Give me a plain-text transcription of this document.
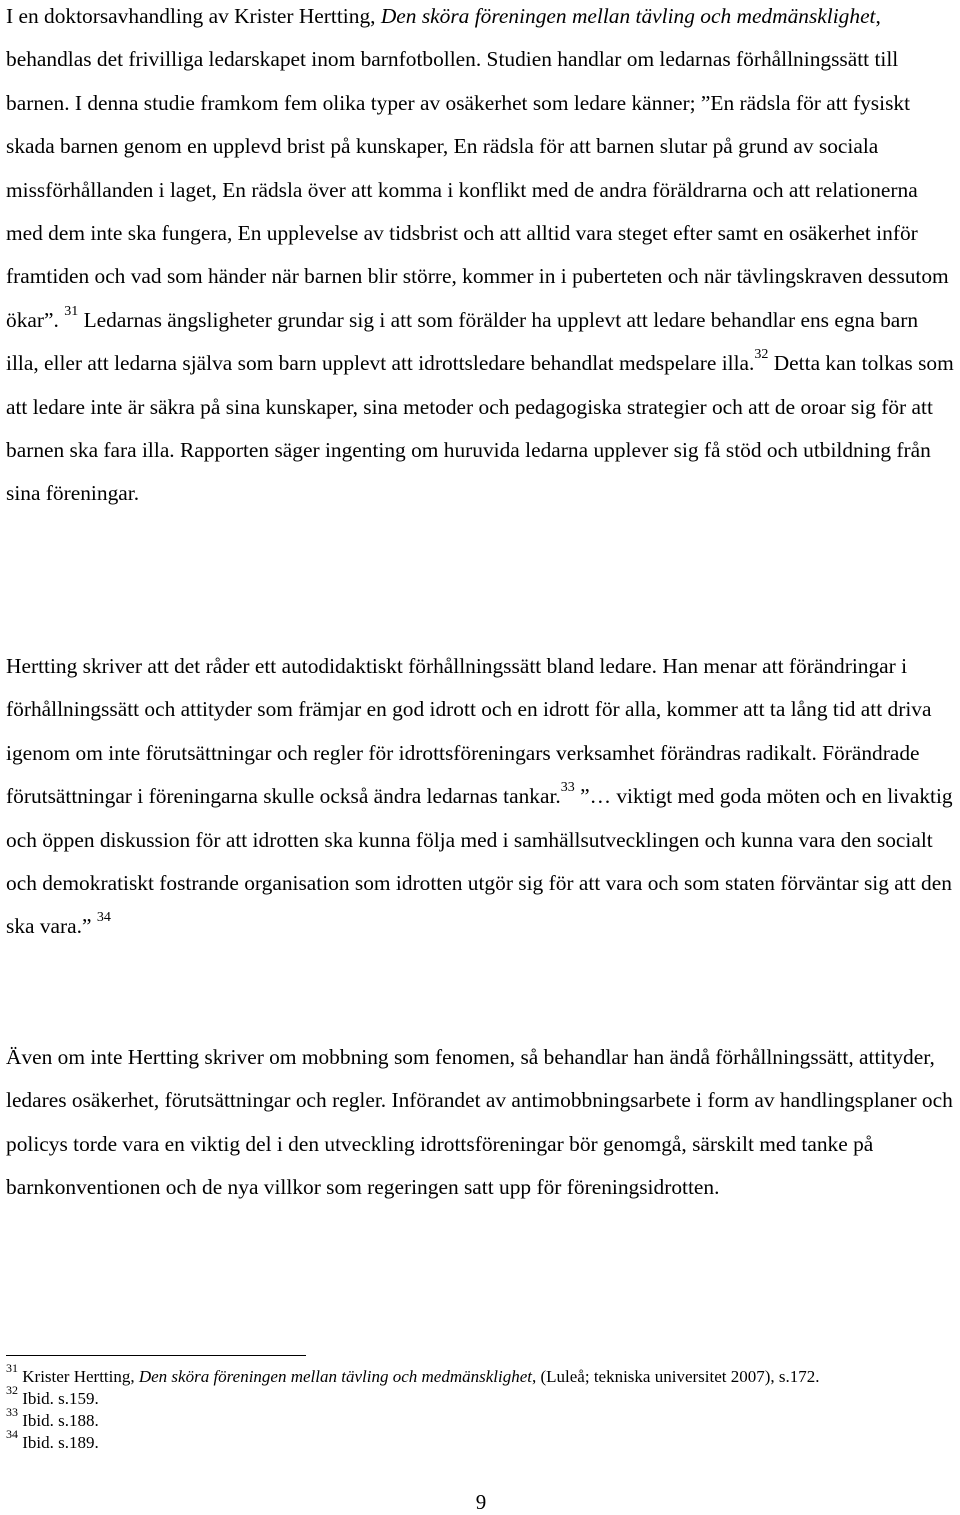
I en doktorsavhandling av Krister Hertting, Den sköra föreningen mellan tävling och medmänsklighet, behandlas det frivilliga ledarskapet inom barnfotbollen. Studien handlar om ledarnas förhållningssätt till barnen. I denna studie framkom fem olika typer av osäkerhet som ledare känner; ”En rädsla för att fysiskt skada barnen genom en upplevd brist på kunskaper, En rädsla för att barnen slutar på grund av sociala missförhållanden i laget, En rädsla över att komma i konflikt med de andra föräldrarna och att relationerna med dem inte ska fungera, En upplevelse av tidsbrist och att alltid vara steget efter samt en osäkerhet inför framtiden och vad som händer när barnen blir större, kommer in i puberteten och när tävlingskraven dessutom ökar”. $^{31}$ Ledarnas ängsligheter grundar sig i att som förälder ha upplevt att ledare behandlar ens egna barn illa, eller att ledarna själva som barn upplevt att idrottsledare behandlat medspelare illa.$^{32}$ Detta kan tolkas som att ledare inte är säkra på sina kunskaper, sina metoder och pedagogiska strategier och att de oroar sig för att barnen ska fara illa. Rapporten säger ingenting om huruvida ledarna upplever sig få stöd och utbildning från sina föreningar.

Hertting skriver att det råder ett autodidaktiskt förhållningssätt bland ledare. Han menar att förändringar i förhållningssätt och attityder som främjar en god idrott och en idrott för alla, kommer att ta lång tid att driva igenom om inte förutsättningar och regler för idrottsföreningars verksamhet förändras radikalt. Förändrade förutsättningar i föreningarna skulle också ändra ledarnas tankar.$^{33}$ ”… viktigt med goda möten och en livaktig och öppen diskussion för att idrotten ska kunna följa med i samhällsutvecklingen och kunna vara den socialt och demokratiskt fostrande organisation som idrotten utgör sig för att vara och som staten förväntar sig att den ska vara.” $^{34}$

Även om inte Hertting skriver om mobbning som fenomen, så behandlar han ändå förhållningssätt, attityder, ledares osäkerhet, förutsättningar och regler. Införandet av antimobbningsarbete i form av handlingsplaner och policys torde vara en viktig del i den utveckling idrottsföreningar bör genomgå, särskilt med tanke på barnkonventionen och de nya villkor som regeringen satt upp för föreningsidrotten.

$^{31}$ Krister Hertting, Den sköra föreningen mellan tävling och medmänsklighet, (Luleå; tekniska universitet 2007), s.172.

$^{32}$ Ibid. s.159.

$^{33}$ Ibid. s.188.

$^{34}$ Ibid. s.189.

9
